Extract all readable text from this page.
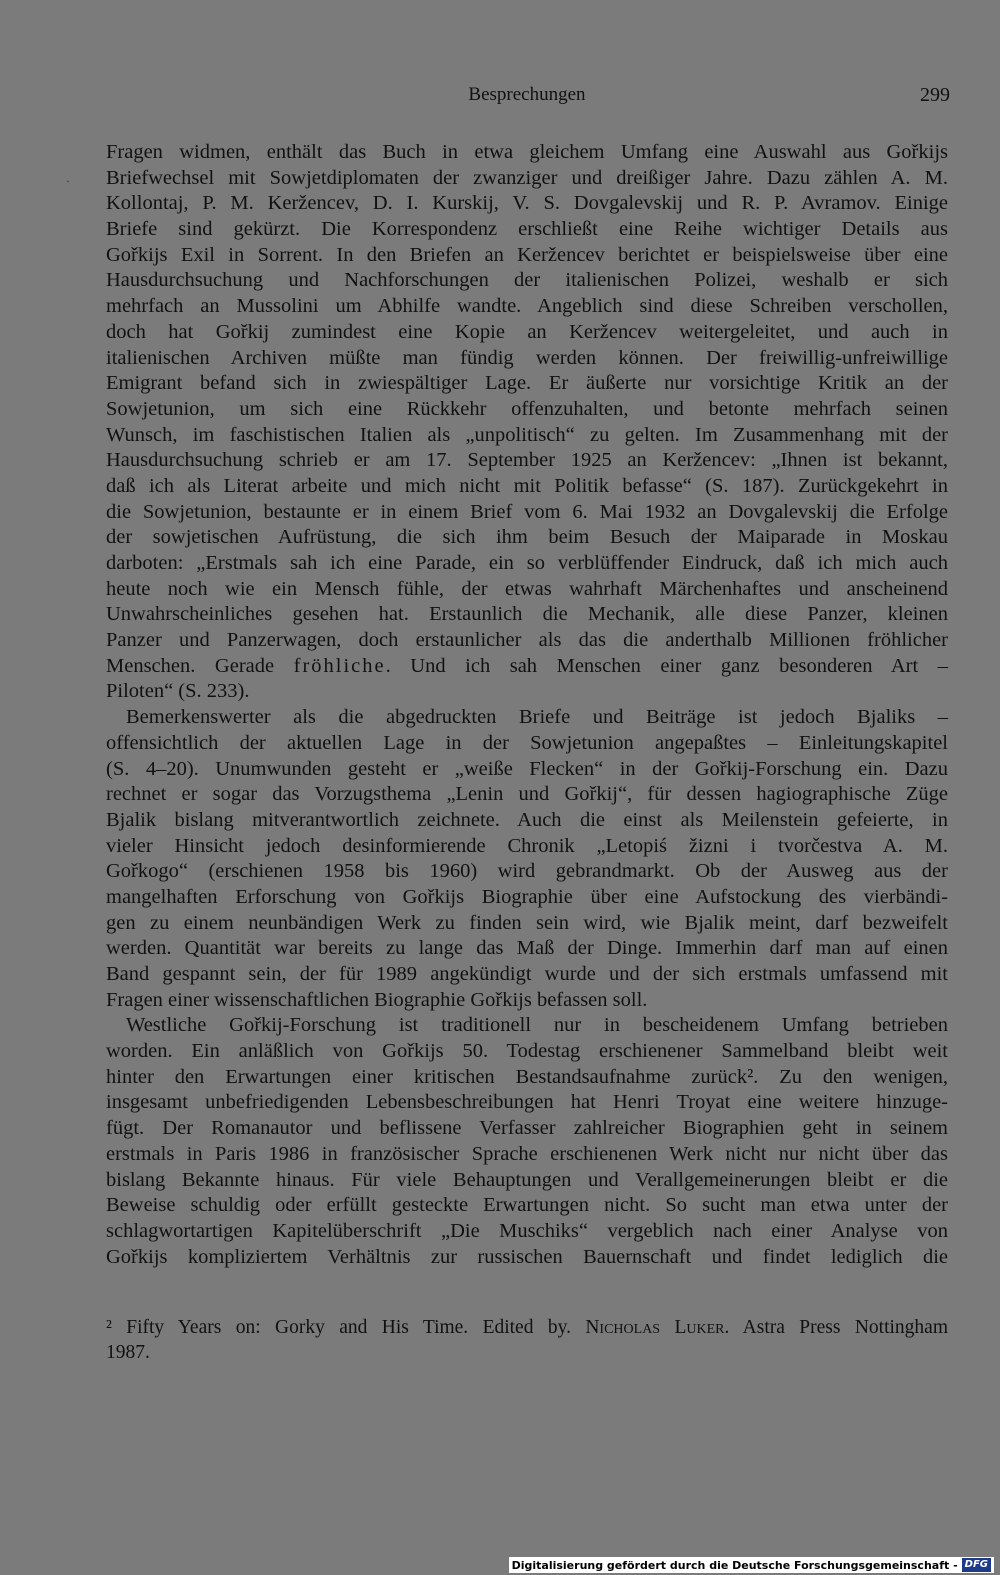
Besprechungen	299
ˋ
Fragen widmen, enthält das Buch in etwa gleichem Umfang eine Auswahl aus Gořkijs
Briefwechsel mit Sowjetdiplomaten der zwanziger und dreißiger Jahre. Dazu zählen A. M.
Kollontaj, P. M. Keržencev, D. I. Kurskij, V. S. Dovgalevskij und R. P. Avramov. Einige
Briefe sind gekürzt. Die Korrespondenz erschließt eine Reihe wichtiger Details aus
Gořkijs Exil in Sorrent. In den Briefen an Keržencev berichtet er beispielsweise über eine
Hausdurchsuchung und Nachforschungen der italienischen Polizei, weshalb er sich
mehrfach an Mussolini um Abhilfe wandte. Angeblich sind diese Schreiben verschollen,
doch hat Gořkij zumindest eine Kopie an Keržencev weitergeleitet, und auch in
italienischen Archiven müßte man fündig werden können. Der freiwillig-unfreiwillige
Emigrant befand sich in zwiespältiger Lage. Er äußerte nur vorsichtige Kritik an der
Sowjetunion, um sich eine Rückkehr offenzuhalten, und betonte mehrfach seinen
Wunsch, im faschistischen Italien als „unpolitisch“ zu gelten. Im Zusammenhang mit der
Hausdurchsuchung schrieb er am 17. September 1925 an Keržencev: „Ihnen ist bekannt,
daß ich als Literat arbeite und mich nicht mit Politik befasse“ (S. 187). Zurückgekehrt in
die Sowjetunion, bestaunte er in einem Brief vom 6. Mai 1932 an Dovgalevskij die Erfolge
der sowjetischen Aufrüstung, die sich ihm beim Besuch der Maiparade in Moskau
darboten: „Erstmals sah ich eine Parade, ein so verblüffender Eindruck, daß ich mich auch
heute noch wie ein Mensch fühle, der etwas wahrhaft Märchenhaftes und anscheinend
Unwahrscheinliches gesehen hat. Erstaunlich die Mechanik, alle diese Panzer, kleinen
Panzer und Panzerwagen, doch erstaunlicher als das die anderthalb Millionen fröhlicher
Menschen. Gerade fröhliche. Und ich sah Menschen einer ganz besonderen Art –
Piloten“ (S. 233).
Bemerkenswerter als die abgedruckten Briefe und Beiträge ist jedoch Bjaliks –
offensichtlich der aktuellen Lage in der Sowjetunion angepaßtes – Einleitungskapitel
(S. 4–20). Unumwunden gesteht er „weiße Flecken“ in der Gořkij-Forschung ein. Dazu
rechnet er sogar das Vorzugsthema „Lenin und Gořkij“, für dessen hagiographische Züge
Bjalik bislang mitverantwortlich zeichnete. Auch die einst als Meilenstein gefeierte, in
vieler Hinsicht jedoch desinformierende Chronik „Letopiś žizni i tvorčestva A. M.
Gořkogo“ (erschienen 1958 bis 1960) wird gebrandmarkt. Ob der Ausweg aus der
mangelhaften Erforschung von Gořkijs Biographie über eine Aufstockung des vierbändi-
gen zu einem neunbändigen Werk zu finden sein wird, wie Bjalik meint, darf bezweifelt
werden. Quantität war bereits zu lange das Maß der Dinge. Immerhin darf man auf einen
Band gespannt sein, der für 1989 angekündigt wurde und der sich erstmals umfassend mit
Fragen einer wissenschaftlichen Biographie Gořkijs befassen soll.
Westliche Gořkij-Forschung ist traditionell nur in bescheidenem Umfang betrieben
worden. Ein anläßlich von Gořkijs 50. Todestag erschienener Sammelband bleibt weit
hinter den Erwartungen einer kritischen Bestandsaufnahme zurück². Zu den wenigen,
insgesamt unbefriedigenden Lebensbeschreibungen hat Henri Troyat eine weitere hinzuge-
fügt. Der Romanautor und beflissene Verfasser zahlreicher Biographien geht in seinem
erstmals in Paris 1986 in französischer Sprache erschienenen Werk nicht nur nicht über das
bislang Bekannte hinaus. Für viele Behauptungen und Verallgemeinerungen bleibt er die
Beweise schuldig oder erfüllt gesteckte Erwartungen nicht. So sucht man etwa unter der
schlagwortartigen Kapitelüberschrift „Die Muschiks“ vergeblich nach einer Analyse von
Gořkijs kompliziertem Verhältnis zur russischen Bauernschaft und findet lediglich die
² Fifty Years on: Gorky and His Time. Edited by. Nicholas Luker. Astra Press Nottingham
1987.
Digitalisierung gefördert durch die Deutsche Forschungsgemeinschaft - DFG
